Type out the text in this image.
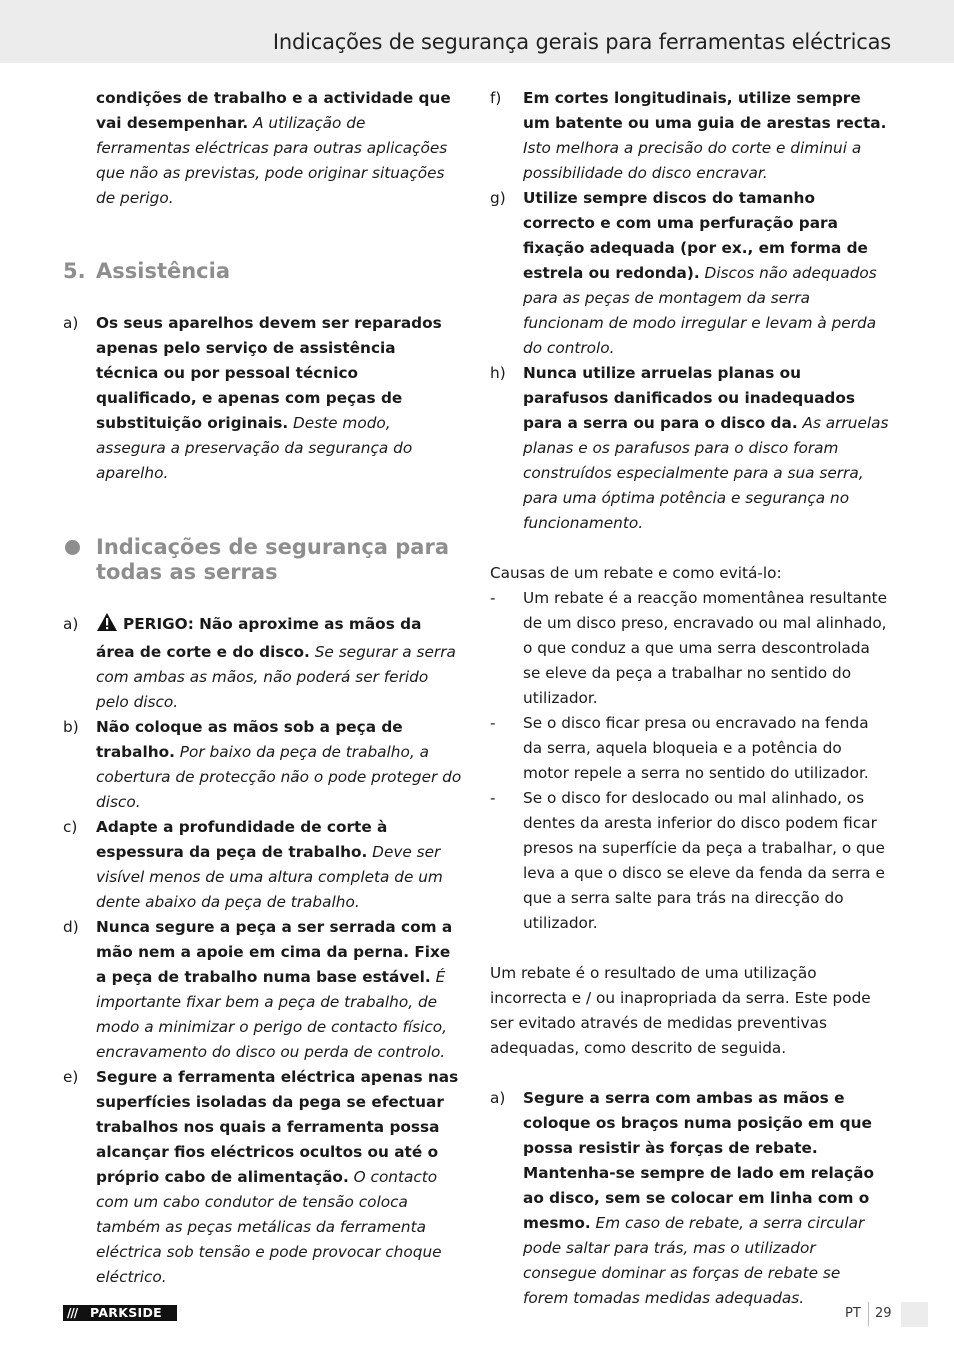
Indicações de segurança gerais para ferramentas eléctricas
condições de trabalho e a actividade que vai desempenhar. A utilização de ferramentas eléctricas para outras aplicações que não as previstas, pode originar situações de perigo.
5. Assistência
a) Os seus aparelhos devem ser reparados apenas pelo serviço de assistência técnica ou por pessoal técnico qualificado, e apenas com peças de substituição originais. Deste modo, assegura a preservação da segurança do aparelho.
Indicações de segurança para todas as serras
a)	PERIGO: Não aproxime as mãos da área de corte e do disco. Se segurar a serra com ambas as mãos, não poderá ser ferido pelo disco.
b) Não coloque as mãos sob a peça de trabalho. Por baixo da peça de trabalho, a cobertura de protecção não o pode proteger do disco.
c) Adapte a profundidade de corte à espessura da peça de trabalho. Deve ser visível menos de uma altura completa de um dente abaixo da peça de trabalho.
d) Nunca segure a peça a ser serrada com a mão nem a apoie em cima da perna. Fixe a peça de trabalho numa base estável. É importante fixar bem a peça de trabalho, de modo a minimizar o perigo de contacto físico, encravamento do disco ou perda de controlo.
e) Segure a ferramenta eléctrica apenas nas superfícies isoladas da pega se efectuar trabalhos nos quais a ferramenta possa alcançar fios eléctricos ocultos ou até o próprio cabo de alimentação. O contacto com um cabo condutor de tensão coloca também as peças metálicas da ferramenta eléctrica sob tensão e pode provocar choque eléctrico.
f) Em cortes longitudinais, utilize sempre um batente ou uma guia de arestas recta. Isto melhora a precisão do corte e diminui a possibilidade do disco encravar.
g) Utilize sempre discos do tamanho correcto e com uma perfuração para fixação adequada (por ex., em forma de estrela ou redonda). Discos não adequados para as peças de montagem da serra funcionam de modo irregular e levam à perda do controlo.
h) Nunca utilize arruelas planas ou parafusos danificados ou inadequados para a serra ou para o disco da. As arruelas planas e os parafusos para o disco foram construídos especialmente para a sua serra, para uma óptima potência e segurança no funcionamento.
Causas de um rebate e como evitá-lo:
- Um rebate é a reacção momentânea resultante de um disco preso, encravado ou mal alinhado, o que conduz a que uma serra descontrolada se eleve da peça a trabalhar no sentido do utilizador.
- Se o disco ficar presa ou encravado na fenda da serra, aquela bloqueia e a potência do motor repele a serra no sentido do utilizador.
- Se o disco for deslocado ou mal alinhado, os dentes da aresta inferior do disco podem ficar presos na superfície da peça a trabalhar, o que leva a que o disco se eleve da fenda da serra e que a serra salte para trás na direcção do utilizador.
Um rebate é o resultado de uma utilização incorrecta e / ou inapropriada da serra. Este pode ser evitado através de medidas preventivas adequadas, como descrito de seguida.
a) Segure a serra com ambas as mãos e coloque os braços numa posição em que possa resistir às forças de rebate. Mantenha-se sempre de lado em relação ao disco, sem se colocar em linha com o mesmo. Em caso de rebate, a serra circular pode saltar para trás, mas o utilizador consegue dominar as forças de rebate se forem tomadas medidas adequadas.
/// PARKSIDE	PT 29
